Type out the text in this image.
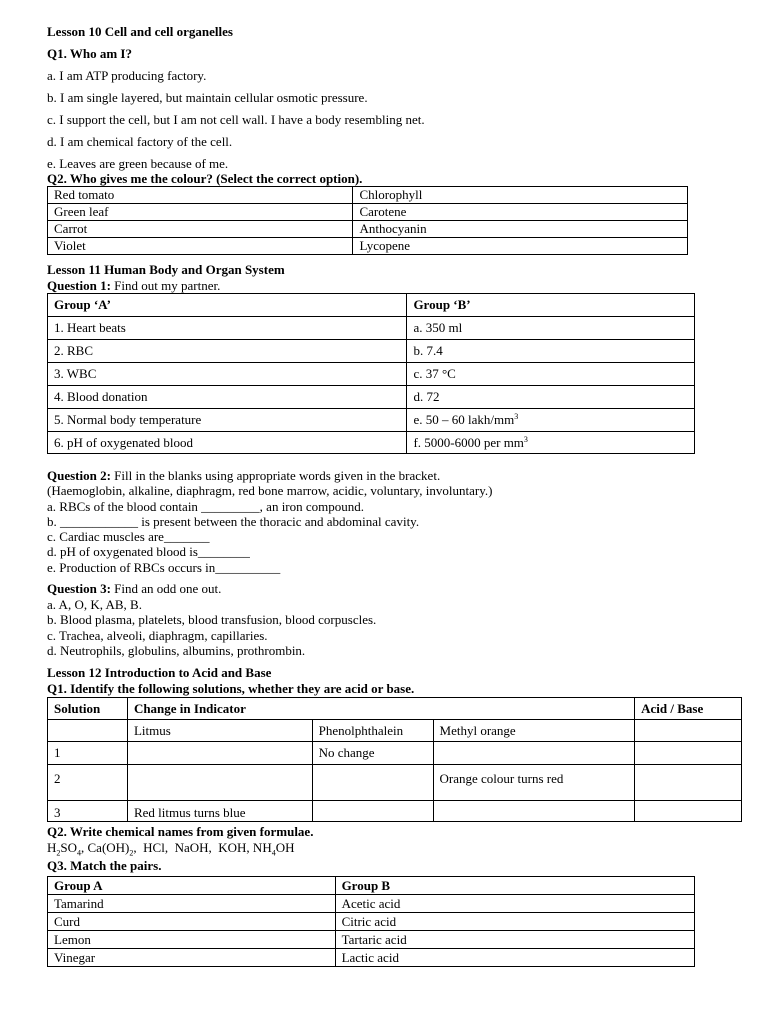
Lesson 10 Cell and cell organelles
Q1. Who am I?
a. I am ATP producing factory.
b. I am single layered, but maintain cellular osmotic pressure.
c. I support the cell, but I am not cell wall. I have a body resembling net.
d. I am chemical factory of the cell.
e. Leaves are green because of me.
Q2. Who gives me the colour? (Select the correct option).
Red tomato	Chlorophyll
Green leaf	Carotene
Carrot	Anthocyanin
Violet	Lycopene
Lesson 11 Human Body and Organ System
Question 1: Find out my partner.
Group ‘A’	Group ‘B’
1. Heart beats	a. 350 ml
2. RBC	b. 7.4
3. WBC	c. 37 °C
4. Blood donation	d. 72
5. Normal body temperature	e. 50 – 60 lakh/$mm^3$
6. pH of oxygenated blood	f. 5000-6000 per $mm^3$
Question 2: Fill in the blanks using appropriate words given in the bracket.
(Haemoglobin, alkaline, diaphragm, red bone marrow, acidic, voluntary, involuntary.)
a. RBCs of the blood contain _________, an iron compound.
b. ____________ is present between the thoracic and abdominal cavity.
c. Cardiac muscles are_______
d. pH of oxygenated blood is________
e. Production of RBCs occurs in__________
Question 3: Find an odd one out.
a. A, O, K, AB, B.
b. Blood plasma, platelets, blood transfusion, blood corpuscles.
c. Trachea, alveoli, diaphragm, capillaries.
d. Neutrophils, globulins, albumins, prothrombin.
Lesson 12 Introduction to Acid and Base
Q1. Identify the following solutions, whether they are acid or base.
Solution	Change in Indicator			Acid / Base
	Litmus	Phenolphthalein	Methyl orange	
1		No change		
2			Orange colour turns red	
3	Red litmus turns blue			
Q2. Write chemical names from given formulae.
$H_2SO_4$, $Ca(OH)_2$,  HCl,  NaOH,  KOH, $NH_4OH$
Q3. Match the pairs.
Group A	Group B
Tamarind	Acetic acid
Curd	Citric acid
Lemon	Tartaric acid
Vinegar	Lactic acid
